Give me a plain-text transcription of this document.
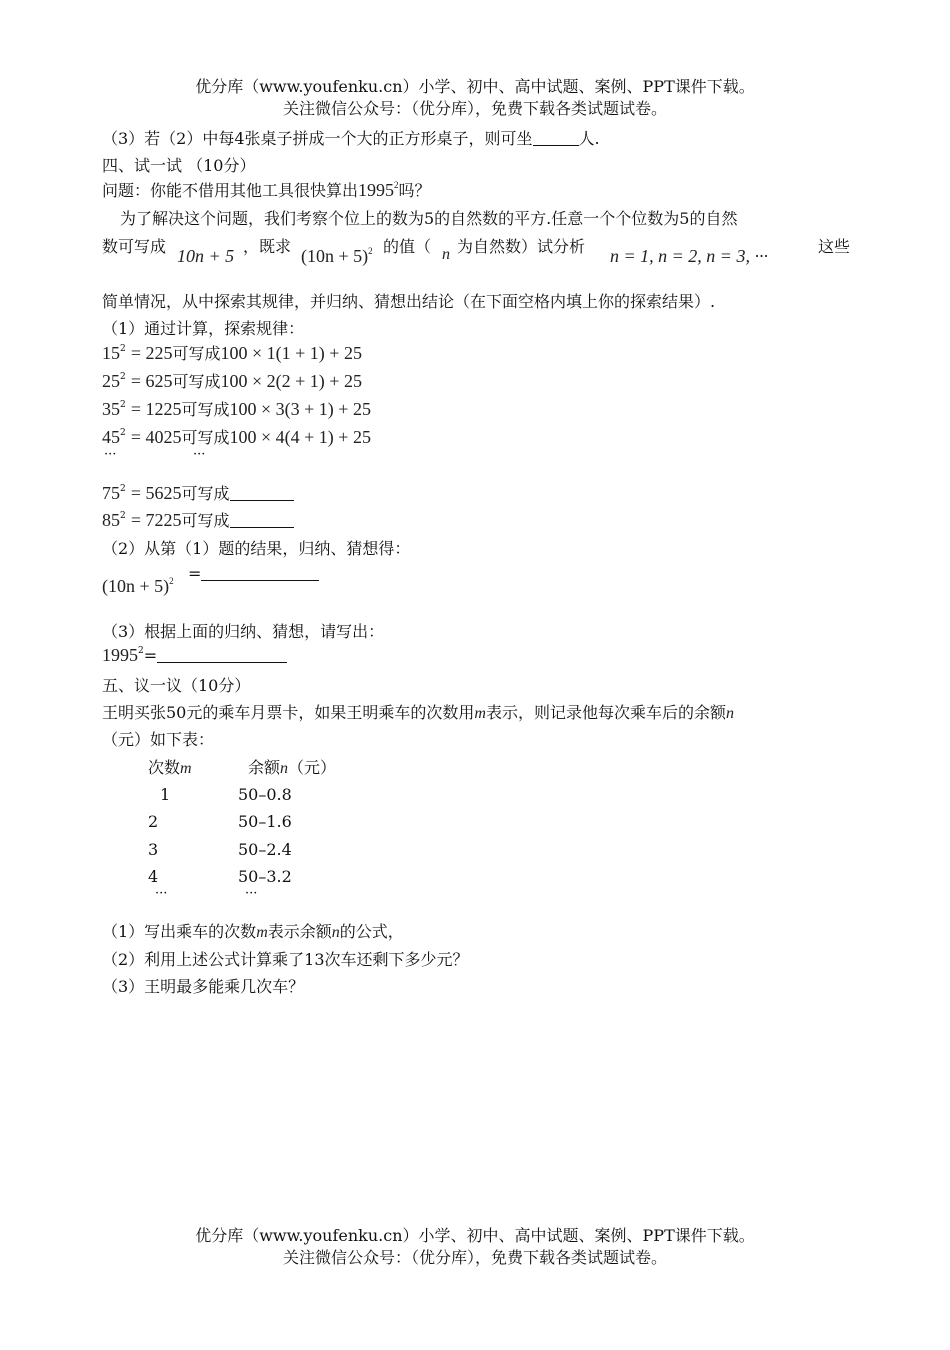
优分库（www.youfenku.cn）小学、初中、高中试题、案例、PPT课件下载。
关注微信公众号：（优分库），免费下载各类试题试卷。
（3）若（2）中每4张桌子拼成一个大的正方形桌子，则可坐	人.
四、试一试 （10分）
问题：你能不借用其他工具很快算出1995$^2$吗？
为了解决这个问题，我们考察个位上的数为5的自然数的平方.任意一个个位数为5的自然
数可写成 10n + 5 ，既求 $(10n + 5)^2$ 的值（ n 为自然数）试分析 n = 1, n = 2, n = 3, ···	这些
简单情况，从中探索其规律，并归纳、猜想出结论（在下面空格内填上你的探索结果）.
（1）通过计算，探索规律：
$15^2 = 225$可写成100 × 1(1 + 1) + 25
$25^2 = 625$可写成100 × 2(2 + 1) + 25
$35^2 = 1225$可写成100 × 3(3 + 1) + 25
$45^2 = 4025$可写成100 × 4(4 + 1) + 25
···	···
$75^2 = 5625$可写成
$85^2 = 7225$可写成
（2）从第（1）题的结果，归纳、猜想得：
$(10n + 5)^2$ =
（3）根据上面的归纳、猜想，请写出：
$1995^2=$
五、议一议（10分）
王明买张50元的乘车月票卡，如果王明乘车的次数用m表示，则记录他每次乘车后的余额n
（元）如下表：
次数m	余额n（元）
1	50–0.8
2	50–1.6
3	50–2.4
4	50–3.2
···	···
（1）写出乘车的次数m表示余额n的公式，
（2）利用上述公式计算乘了13次车还剩下多少元？
（3）王明最多能乘几次车？
优分库（www.youfenku.cn）小学、初中、高中试题、案例、PPT课件下载。
关注微信公众号：（优分库），免费下载各类试题试卷。
